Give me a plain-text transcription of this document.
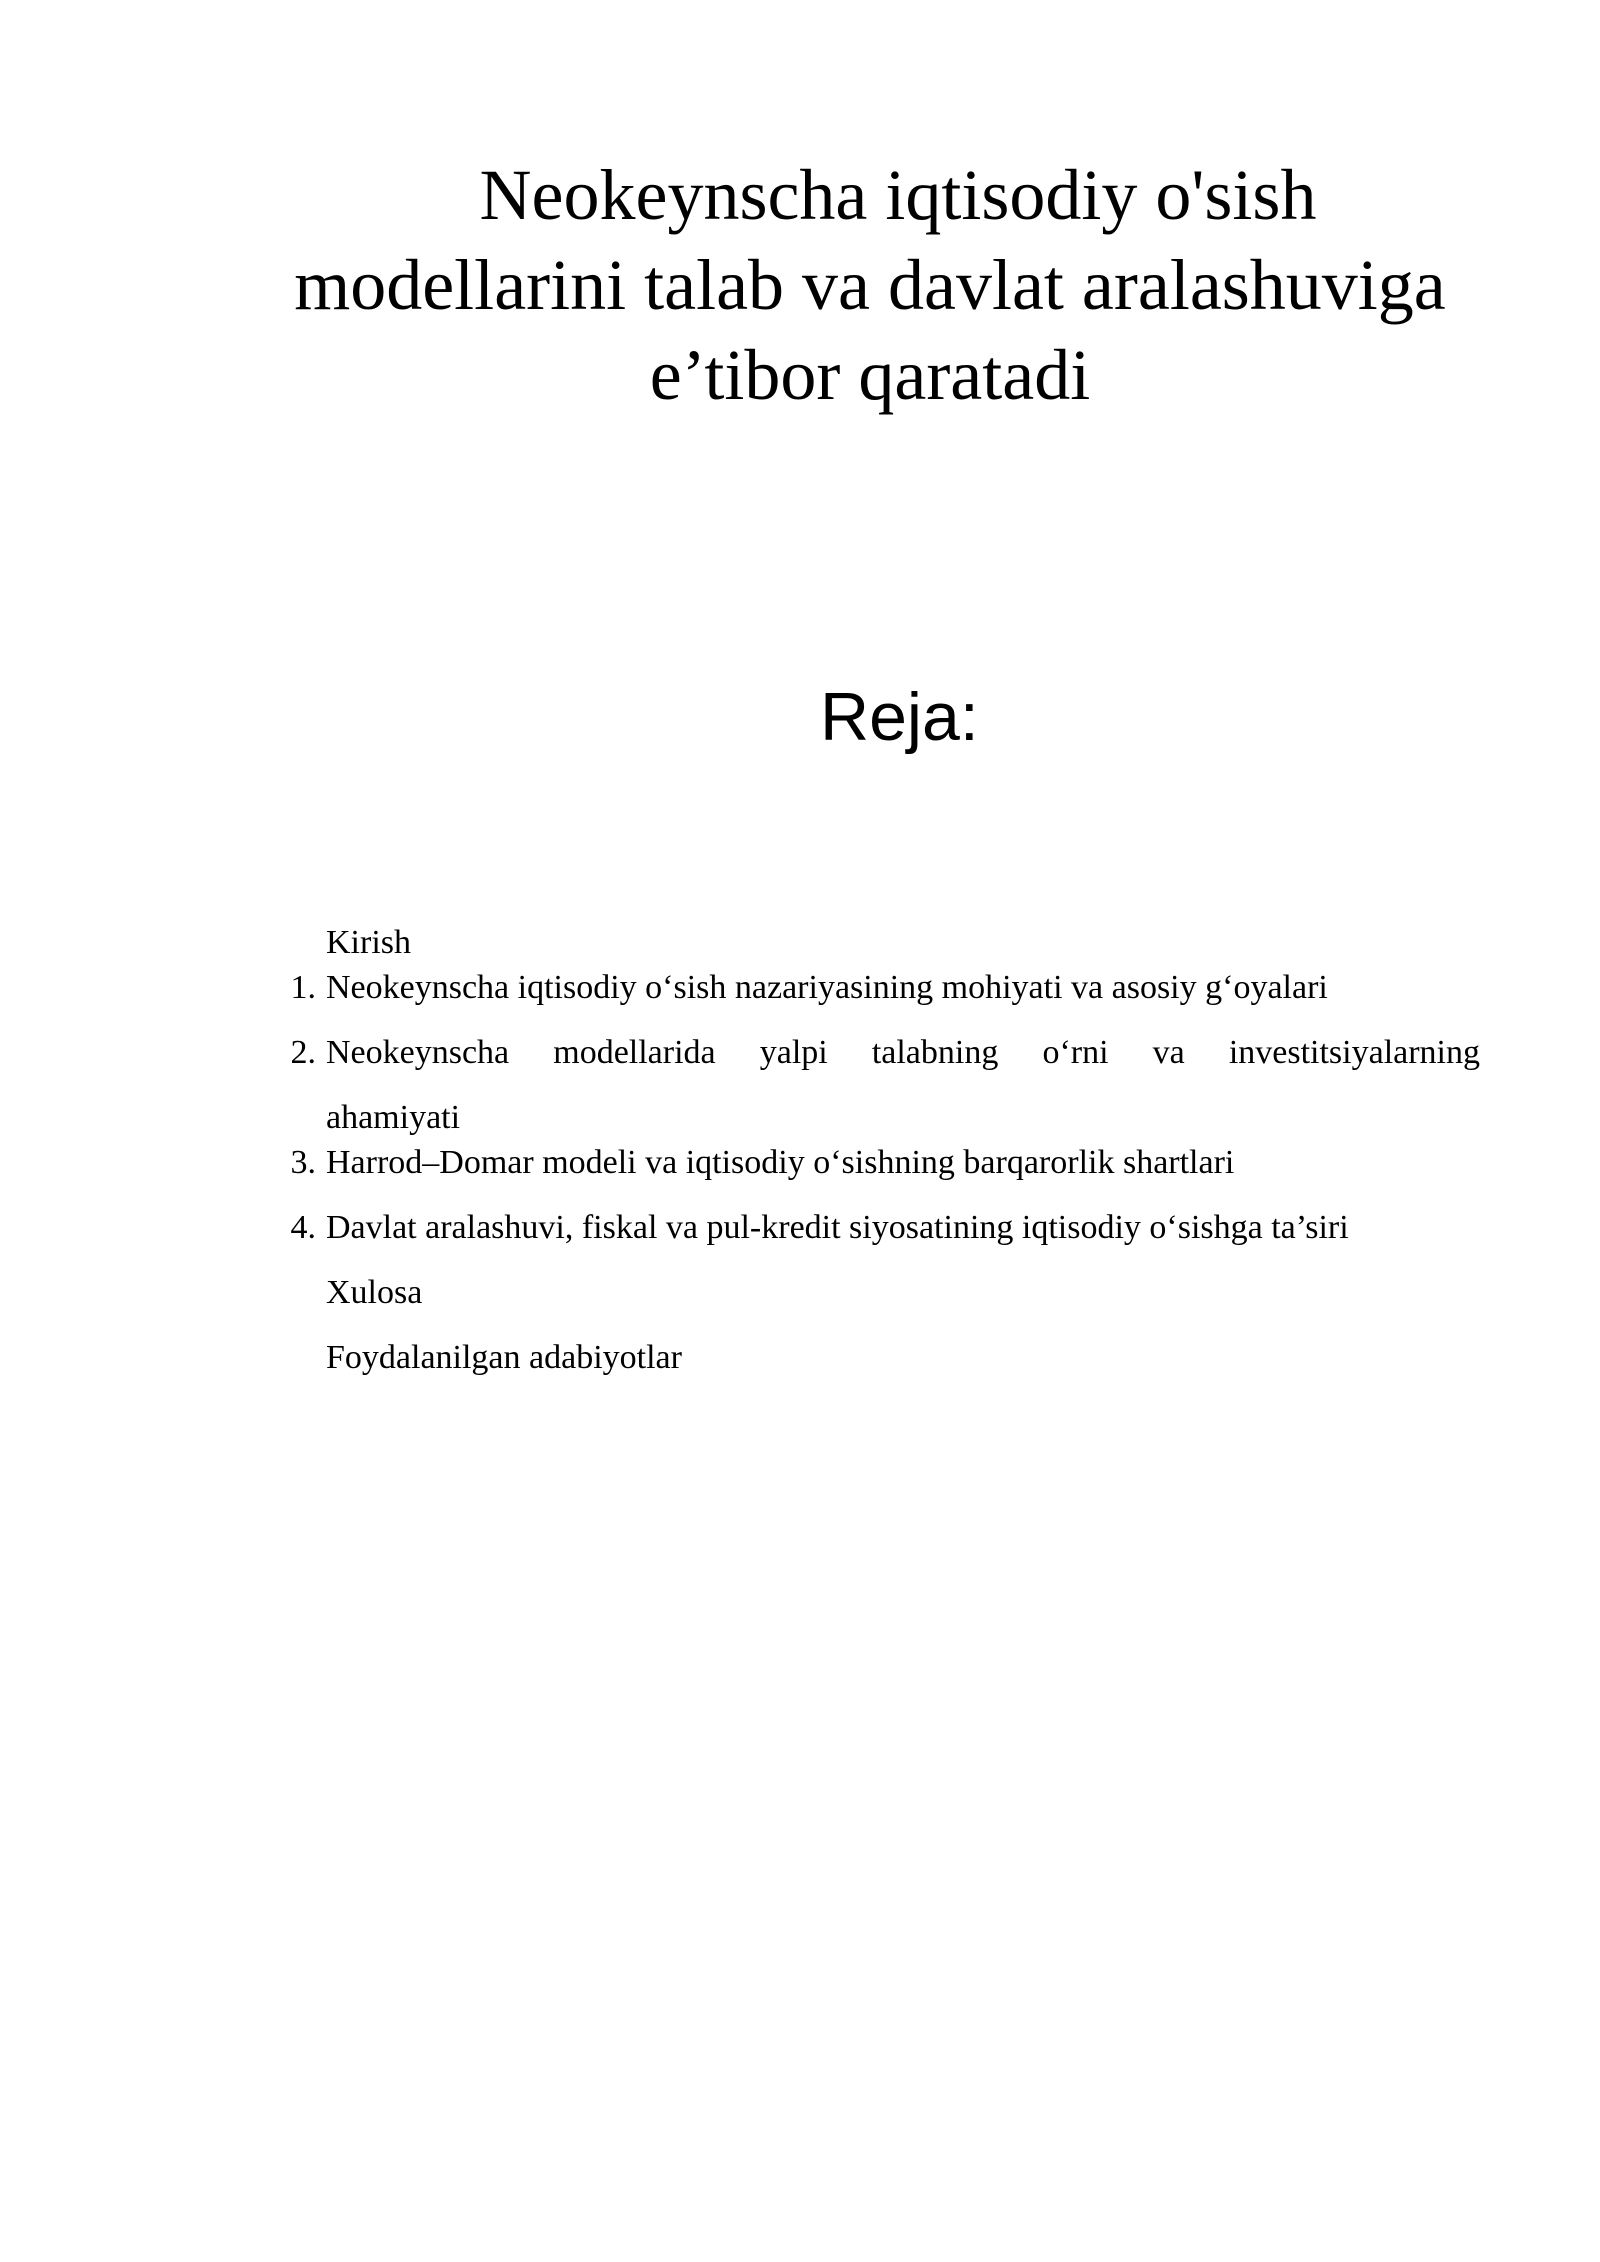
Neokeynscha iqtisodiy o'sish
modellarini talab va davlat aralashuviga
e’tibor qaratadi
Reja:
Kirish
1. Neokeynscha iqtisodiy o‘sish nazariyasining mohiyati va asosiy g‘oyalari
2. Neokeynscha modellarida yalpi talabning o‘rni va investitsiyalarning
ahamiyati
3. Harrod–Domar modeli va iqtisodiy o‘sishning barqarorlik shartlari
4. Davlat aralashuvi, fiskal va pul-kredit siyosatining iqtisodiy o‘sishga ta’siri
Xulosa
Foydalanilgan adabiyotlar
